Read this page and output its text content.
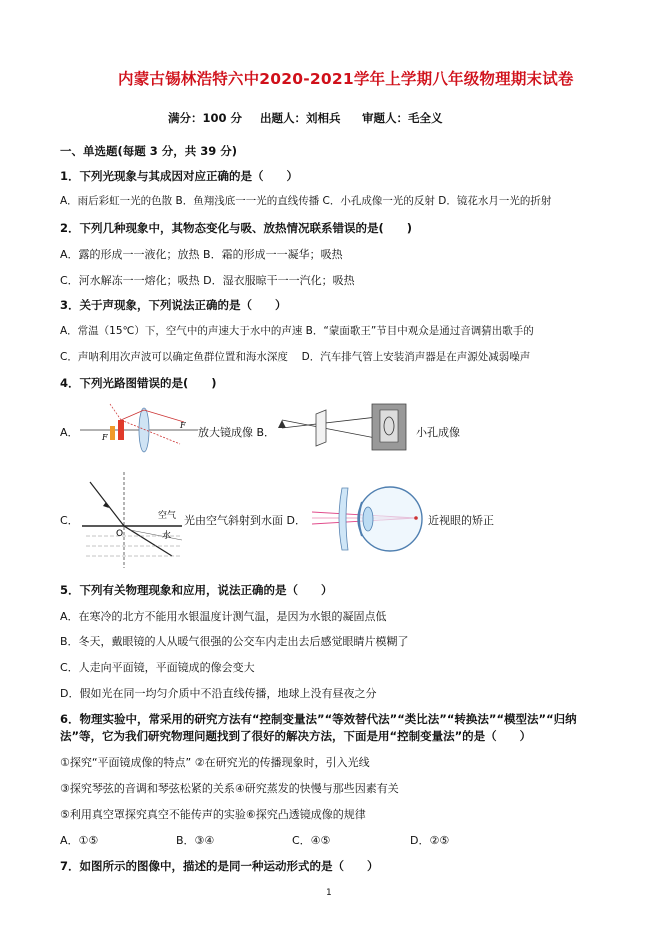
内蒙古锡林浩特六中2020-2021学年上学期八年级物理期末试卷
满分：100 分 出题人：刘相兵 审题人：毛全义
一、单选题(每题 3 分，共 39 分)
1．下列光现象与其成因对应正确的是（　　）
A．雨后彩虹一光的色散 B．鱼翔浅底一一光的直线传播 C．小孔成像一光的反射 D．镜花水月一光的折射
2．下列几种现象中，其物态变化与吸、放热情况联系错误的是(　　)
A．露的形成一一液化；放热 B．霜的形成一一凝华；吸热
C．河水解冻一一熔化；吸热 D．湿衣服晾干一一汽化；吸热
3．关于声现象，下列说法正确的是（　　）
A．常温（15℃）下，空气中的声速大于水中的声速 B．“蒙面歌王”节目中观众是通过音调猜出歌手的
C．声呐利用次声波可以确定鱼群位置和海水深度　 D．汽车排气管上安装消声器是在声源处减弱噪声
4．下列光路图错误的是(　　)
A．	F
F
放大镜成像 B．	小孔成像
C．	空气
水
O
光由空气斜射到水面 D．	近视眼的矫正
5．下列有关物理现象和应用，说法正确的是（　　）
A．在寒冷的北方不能用水银温度计测气温，是因为水银的凝固点低
B．冬天，戴眼镜的人从暖气很强的公交车内走出去后感觉眼睛片模糊了
C．人走向平面镜，平面镜成的像会变大
D．假如光在同一均匀介质中不沿直线传播，地球上没有昼夜之分
6．物理实验中，常采用的研究方法有“控制变量法”“等效替代法”“类比法”“转换法”“模型法”“归纳
法”等，它为我们研究物理问题找到了很好的解决方法，下面是用“控制变量法”的是（　　）
①探究“平面镜成像的特点” ②在研究光的传播现象时，引入光线
③探究琴弦的音调和琴弦松紧的关系④研究蒸发的快慢与那些因素有关
⑤利用真空罩探究真空不能传声的实验⑥探究凸透镜成像的规律
A．①⑤	B．③④	C．④⑤	D．②⑤
7．如图所示的图像中，描述的是同一种运动形式的是（　　）
1
